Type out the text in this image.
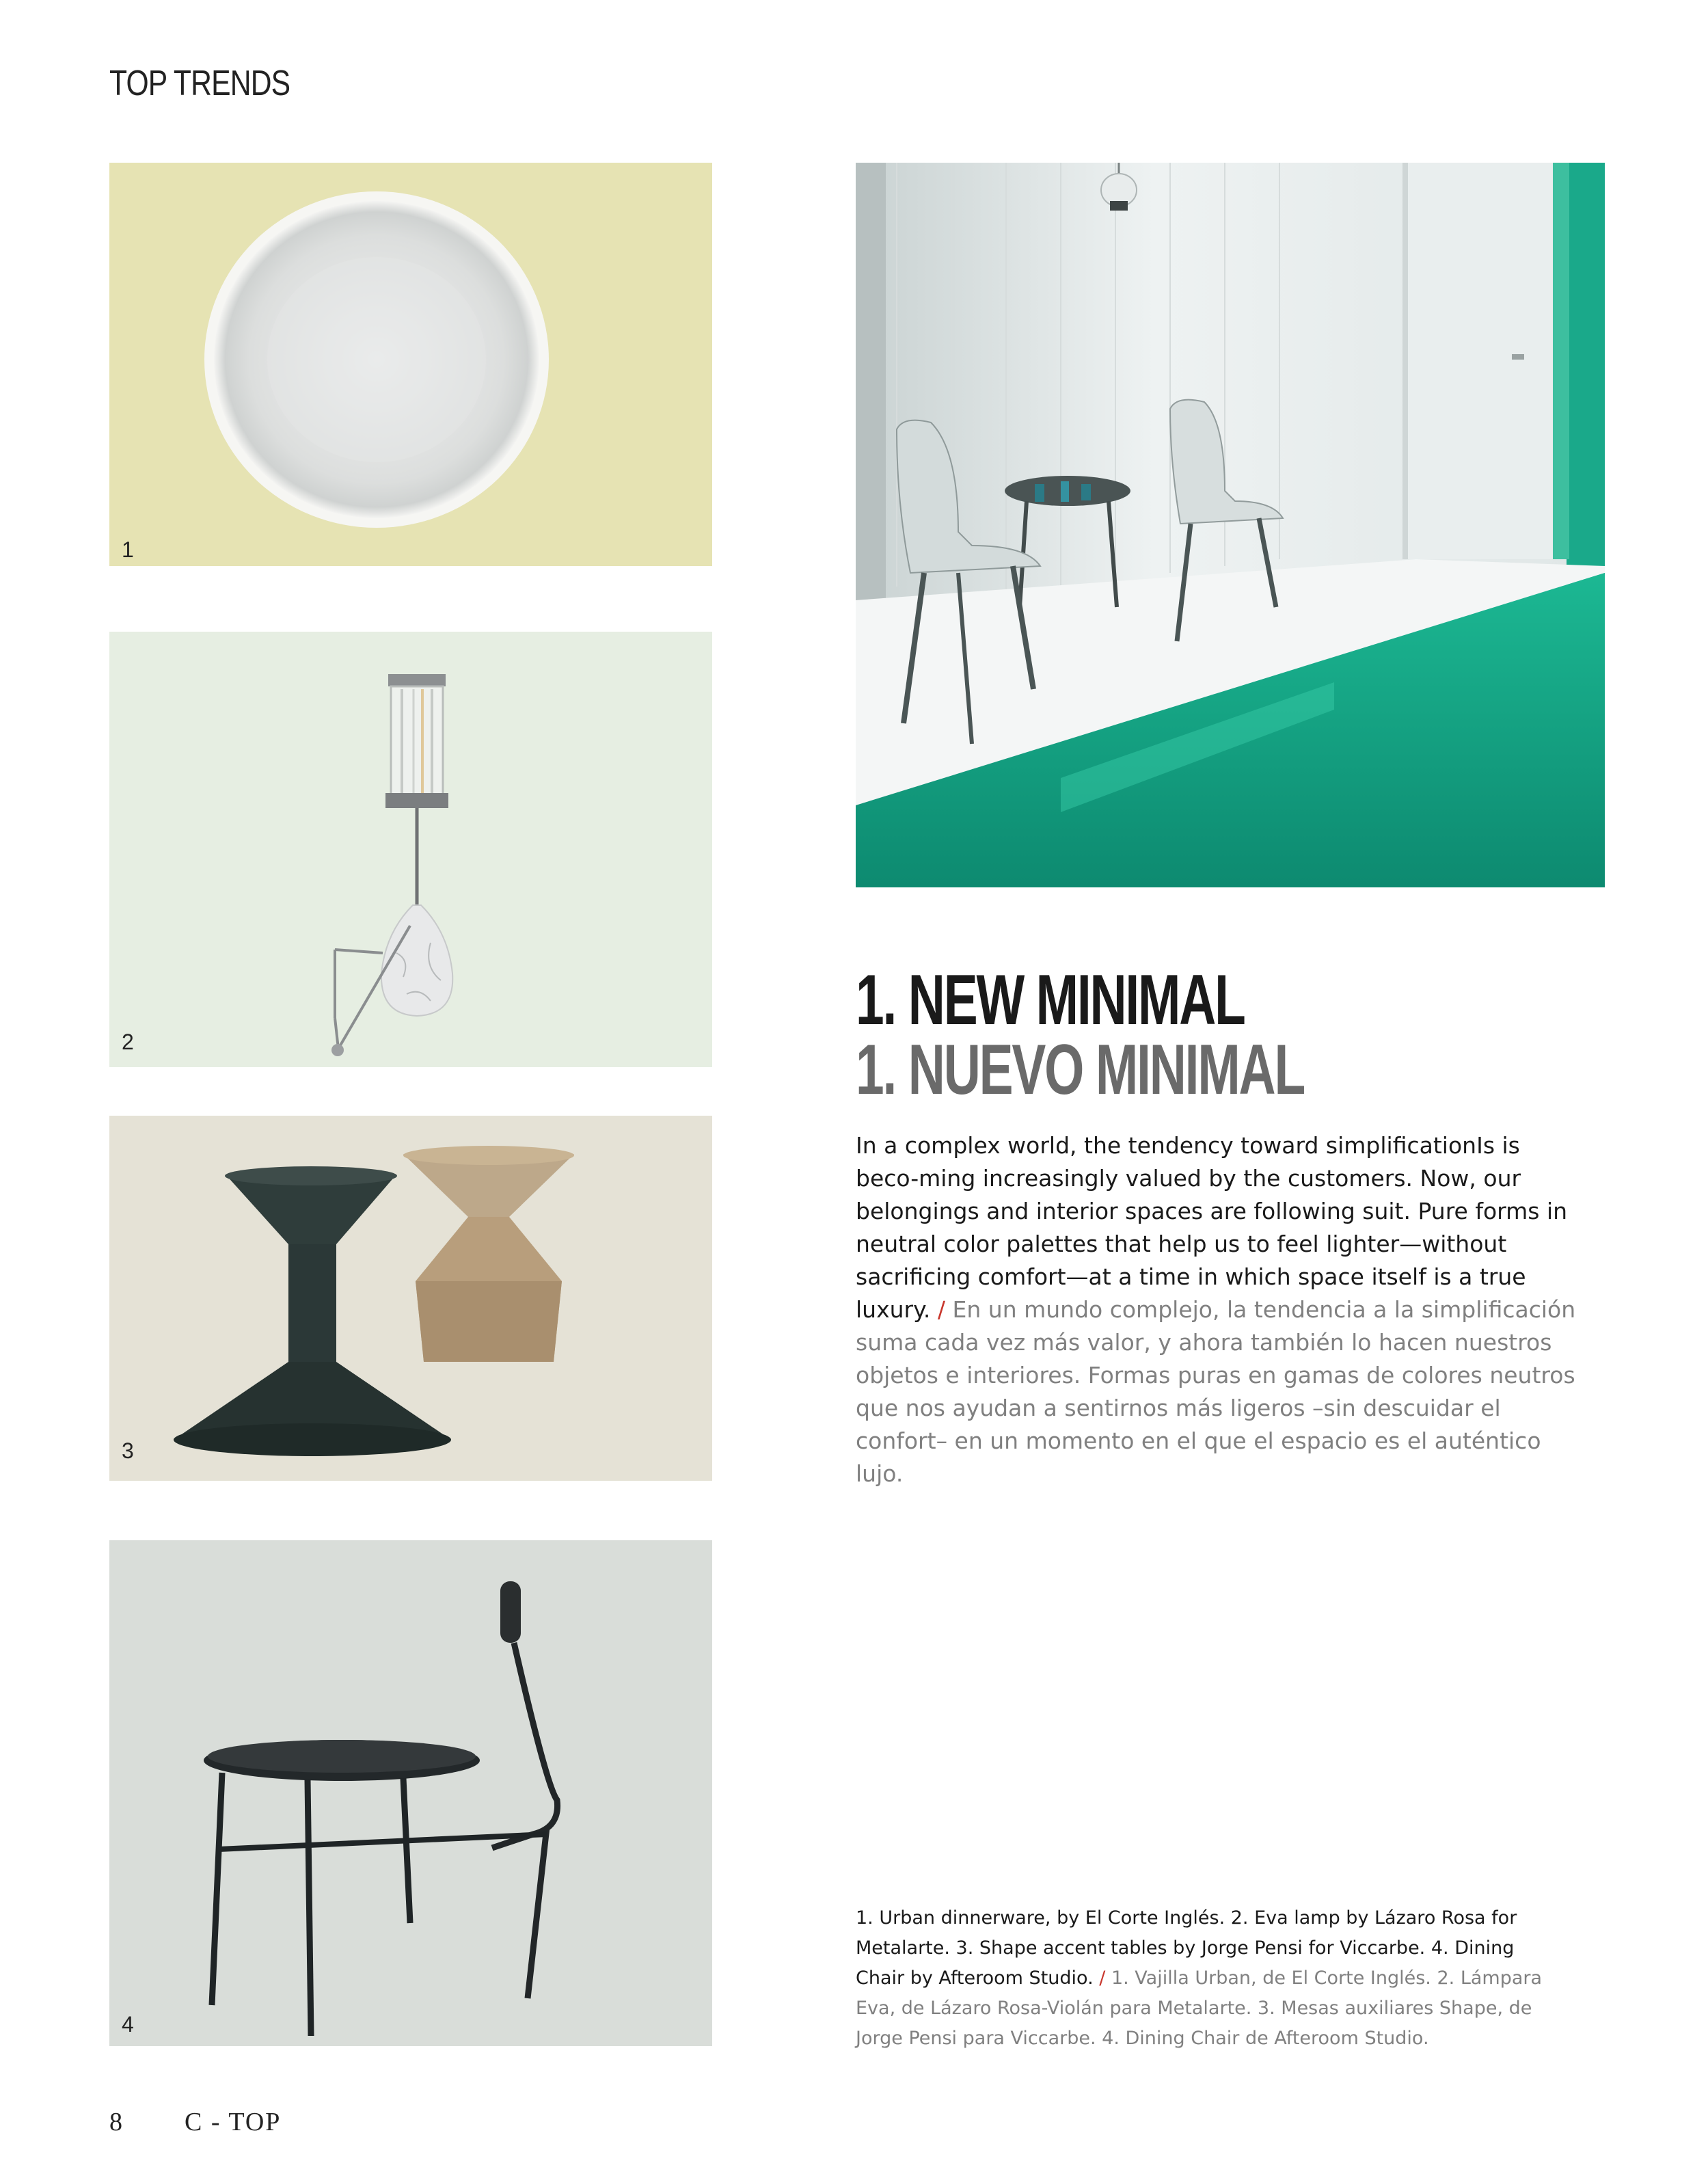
TOP TRENDS
1
2
3
4
1. NEW MINIMAL
1. NUEVO MINIMAL
In a complex world, the tendency toward simplificationIs is beco-ming increasingly valued by the customers. Now, our belongings and interior spaces are following suit. Pure forms in neutral color palettes that help us to feel lighter—without sacrificing comfort—at a time in which space itself is a true luxury. / En un mundo complejo, la tendencia a la simplificación suma cada vez más valor, y ahora también lo hacen nuestros objetos e interiores. Formas puras en gamas de colores neutros que nos ayudan a sentirnos más ligeros –sin descuidar el confort– en un momento en el que el espacio es el auténtico lujo.
1. Urban dinnerware, by El Corte Inglés. 2. Eva lamp by Lázaro Rosa for Metalarte. 3. Shape accent tables by Jorge Pensi for Viccarbe. 4. Dining Chair by Afteroom Studio. / 1. Vajilla Urban, de El Corte Inglés. 2. Lámpara Eva, de Lázaro Rosa-Violán para Metalarte. 3. Mesas auxiliares Shape, de Jorge Pensi para Viccarbe. 4. Dining Chair de Afteroom Studio.
8 C - TOP
